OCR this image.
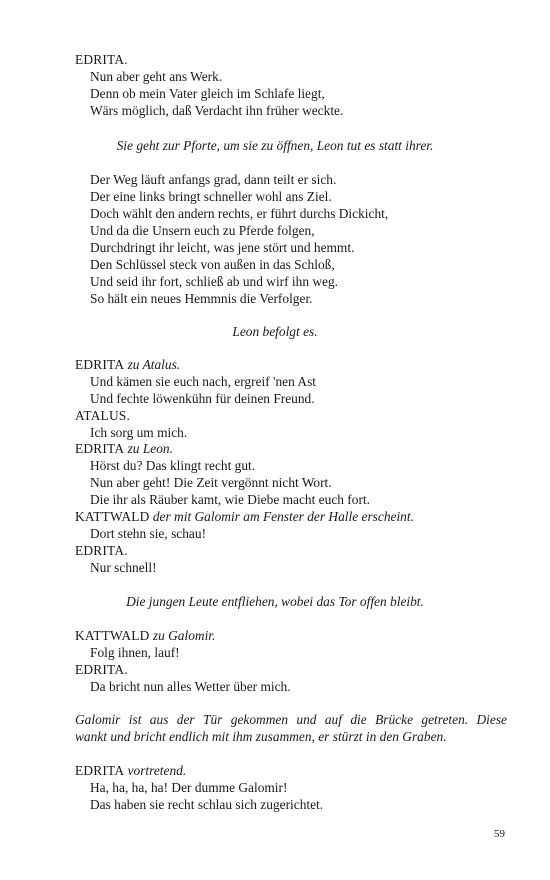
EDRITA.
Nun aber geht ans Werk.
Denn ob mein Vater gleich im Schlafe liegt,
Wärs möglich, daß Verdacht ihn früher weckte.
Sie geht zur Pforte, um sie zu öffnen, Leon tut es statt ihrer.
Der Weg läuft anfangs grad, dann teilt er sich.
Der eine links bringt schneller wohl ans Ziel.
Doch wählt den andern rechts, er führt durchs Dickicht,
Und da die Unsern euch zu Pferde folgen,
Durchdringt ihr leicht, was jene stört und hemmt.
Den Schlüssel steck von außen in das Schloß,
Und seid ihr fort, schließ ab und wirf ihn weg.
So hält ein neues Hemmnis die Verfolger.
Leon befolgt es.
EDRITA zu Atalus.
Und kämen sie euch nach, ergreif 'nen Ast
Und fechte löwenkühn für deinen Freund.
ATALUS.
Ich sorg um mich.
EDRITA zu Leon.
Hörst du? Das klingt recht gut.
Nun aber geht! Die Zeit vergönnt nicht Wort.
Die ihr als Räuber kamt, wie Diebe macht euch fort.
KATTWALD der mit Galomir am Fenster der Halle erscheint.
Dort stehn sie, schau!
EDRITA.
Nur schnell!
Die jungen Leute entfliehen, wobei das Tor offen bleibt.
KATTWALD zu Galomir.
Folg ihnen, lauf!
EDRITA.
Da bricht nun alles Wetter über mich.
Galomir ist aus der Tür gekommen und auf die Brücke getreten. Diese
wankt und bricht endlich mit ihm zusammen, er stürzt in den Graben.
EDRITA vortretend.
Ha, ha, ha, ha! Der dumme Galomir!
Das haben sie recht schlau sich zugerichtet.
59
